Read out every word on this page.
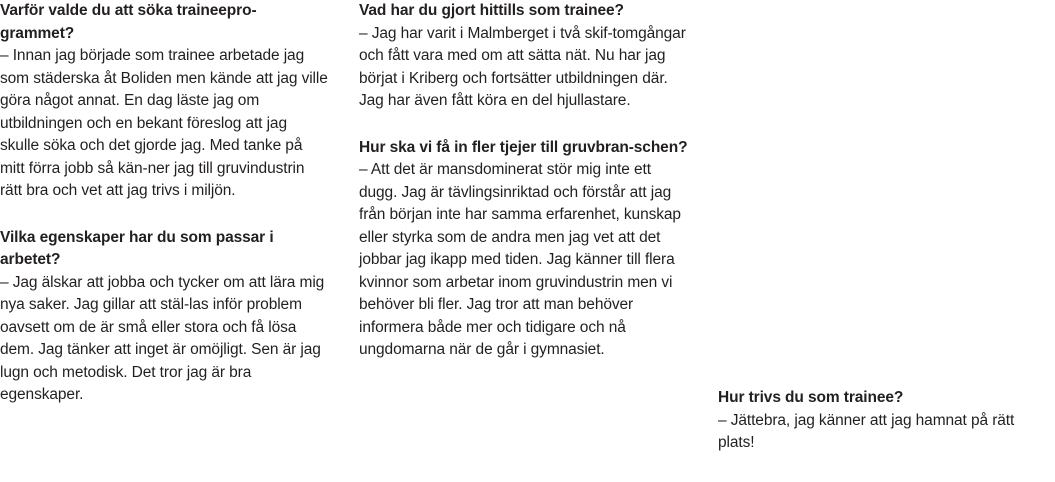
Varför valde du att söka traineepro-grammet?

– Innan jag började som trainee arbetade jag som städerska åt Boliden men kände att jag ville göra något annat. En dag läste jag om utbildningen och en bekant föreslog att jag skulle söka och det gjorde jag. Med tanke på mitt förra jobb så kän-ner jag till gruvindustrin rätt bra och vet att jag trivs i miljön.

Vilka egenskaper har du som passar i arbetet?

– Jag älskar att jobba och tycker om att lära mig nya saker. Jag gillar att stäl-las inför problem oavsett om de är små eller stora och få lösa dem. Jag tänker att inget är omöjligt. Sen är jag lugn och metodisk. Det tror jag är bra egenskaper.

Vad har du gjort hittills som trainee?

– Jag har varit i Malmberget i två skif-tomgångar och fått vara med om att sätta nät. Nu har jag börjat i Kriberg och fortsätter utbildningen där. Jag har även fått köra en del hjullastare.

Hur ska vi få in fler tjejer till gruvbran-schen?

– Att det är mansdominerat stör mig inte ett dugg. Jag är tävlingsinriktad och förstår att jag från början inte har samma erfarenhet, kunskap eller styrka som de andra men jag vet att det jobbar jag ikapp med tiden. Jag känner till flera kvinnor som arbetar inom gruvindustrin men vi behöver bli fler. Jag tror att man behöver informera både mer och tidigare och nå ungdomarna när de går i gymnasiet.

Hur trivs du som trainee?

– Jättebra, jag känner att jag hamnat på rätt plats!
